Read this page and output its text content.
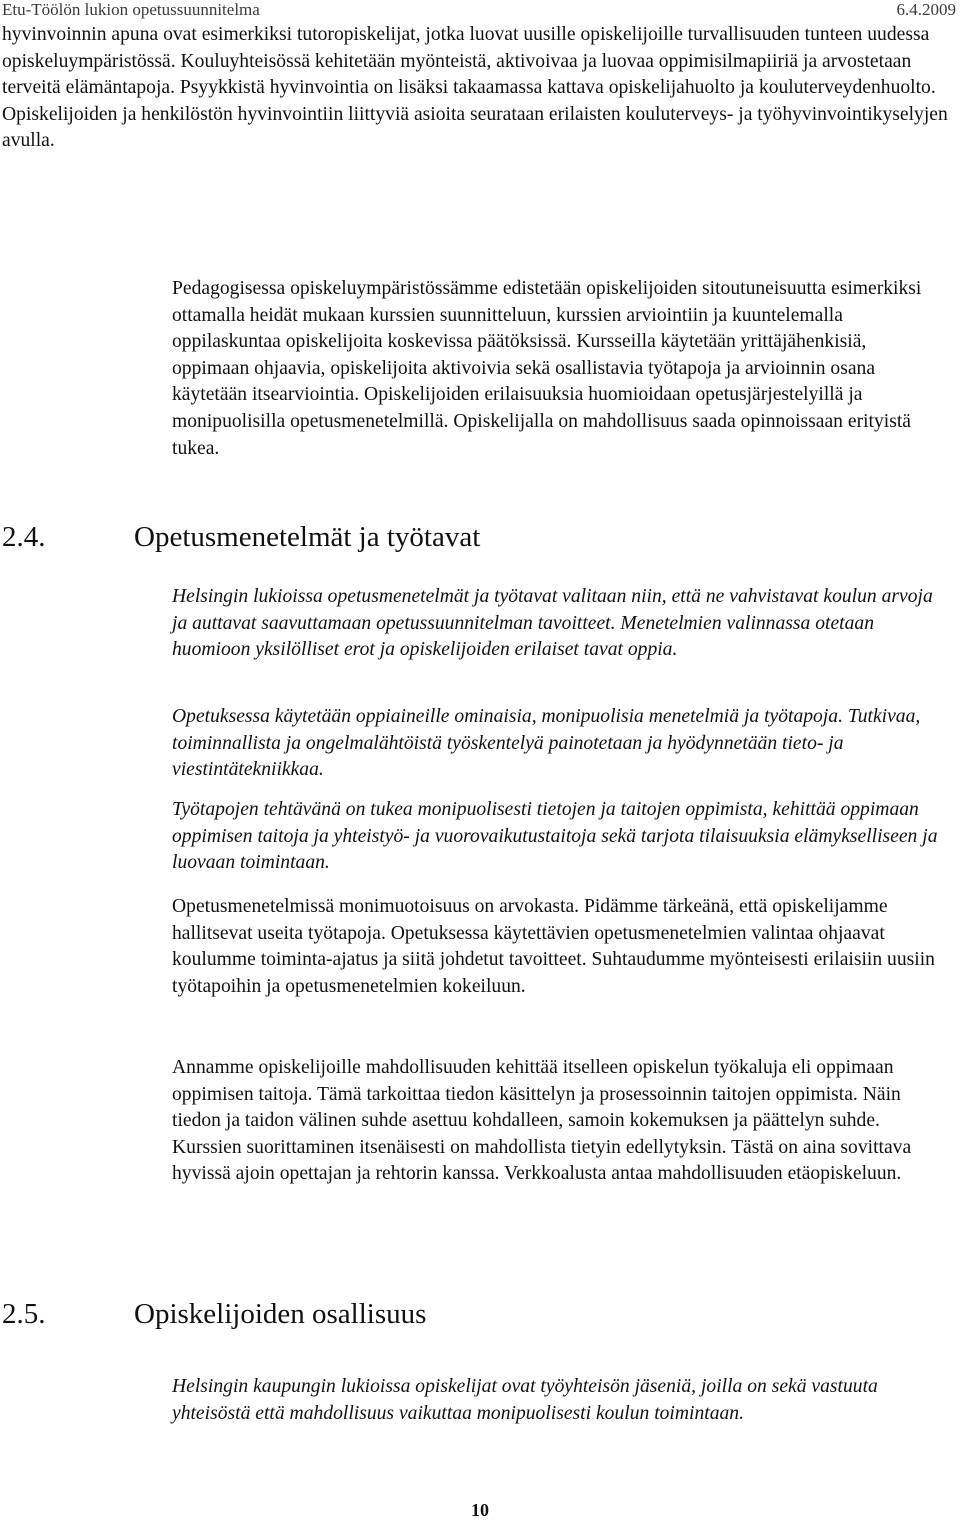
Etu-Töölön lukion opetussuunnitelma	6.4.2009

hyvinvoinnin apuna ovat esimerkiksi tutoropiskelijat, jotka luovat uusille opiskelijoille turvallisuuden tunteen uudessa opiskeluympäristössä. Kouluyhteisössä kehitetään myönteistä, aktivoivaa ja luovaa oppimisilmapiiriä ja arvostetaan terveitä elämäntapoja. Psyykkistä hyvinvointia on lisäksi takaamassa kattava opiskelijahuolto ja kouluterveydenhuolto. Opiskelijoiden ja henkilöstön hyvinvointiin liittyviä asioita seurataan erilaisten kouluterveys- ja työhyvinvointikyselyjen avulla.

Pedagogisessa opiskeluympäristössämme edistetään opiskelijoiden sitoutuneisuutta esimerkiksi ottamalla heidät mukaan kurssien suunnitteluun, kurssien arviointiin ja kuuntelemalla oppilaskuntaa opiskelijoita koskevissa päätöksissä. Kursseilla käytetään yrittäjähenkisiä, oppimaan ohjaavia, opiskelijoita aktivoivia sekä osallistavia työtapoja ja arvioinnin osana käytetään itsearviointia. Opiskelijoiden erilaisuuksia huomioidaan opetusjärjestelyillä ja monipuolisilla opetusmenetelmillä. Opiskelijalla on mahdollisuus saada opinnoissaan erityistä tukea.

2.4.	Opetusmenetelmät ja työtavat

Helsingin lukioissa opetusmenetelmät ja työtavat valitaan niin, että ne vahvistavat koulun arvoja ja auttavat saavuttamaan opetussuunnitelman tavoitteet. Menetelmien valinnassa otetaan huomioon yksilölliset erot ja opiskelijoiden erilaiset tavat oppia.

Opetuksessa käytetään oppiaineille ominaisia, monipuolisia menetelmiä ja työtapoja. Tutkivaa, toiminnallista ja ongelmalähtöistä työskentelyä painotetaan ja hyödynnetään tieto- ja viestintätekniikkaa.

Työtapojen tehtävänä on tukea monipuolisesti tietojen ja taitojen oppimista, kehittää oppimaan oppimisen taitoja ja yhteistyö- ja vuorovaikutustaitoja sekä tarjota tilaisuuksia elämykselliseen ja luovaan toimintaan.

Opetusmenetelmissä monimuotoisuus on arvokasta. Pidämme tärkeänä, että opiskelijamme hallitsevat useita työtapoja. Opetuksessa käytettävien opetusmenetelmien valintaa ohjaavat koulumme toiminta-ajatus ja siitä johdetut tavoitteet. Suhtaudumme myönteisesti erilaisiin uusiin työtapoihin ja opetusmenetelmien kokeiluun.

Annamme opiskelijoille mahdollisuuden kehittää itselleen opiskelun työkaluja eli oppimaan oppimisen taitoja. Tämä tarkoittaa tiedon käsittelyn ja prosessoinnin taitojen oppimista. Näin tiedon ja taidon välinen suhde asettuu kohdalleen, samoin kokemuksen ja päättelyn suhde. Kurssien suorittaminen itsenäisesti on mahdollista tietyin edellytyksin. Tästä on aina sovittava hyvissä ajoin opettajan ja rehtorin kanssa. Verkkoalusta antaa mahdollisuuden etäopiskeluun.

2.5.	Opiskelijoiden osallisuus

Helsingin kaupungin lukioissa opiskelijat ovat työyhteisön jäseniä, joilla on sekä vastuuta yhteisöstä että mahdollisuus vaikuttaa monipuolisesti koulun toimintaan.

10
